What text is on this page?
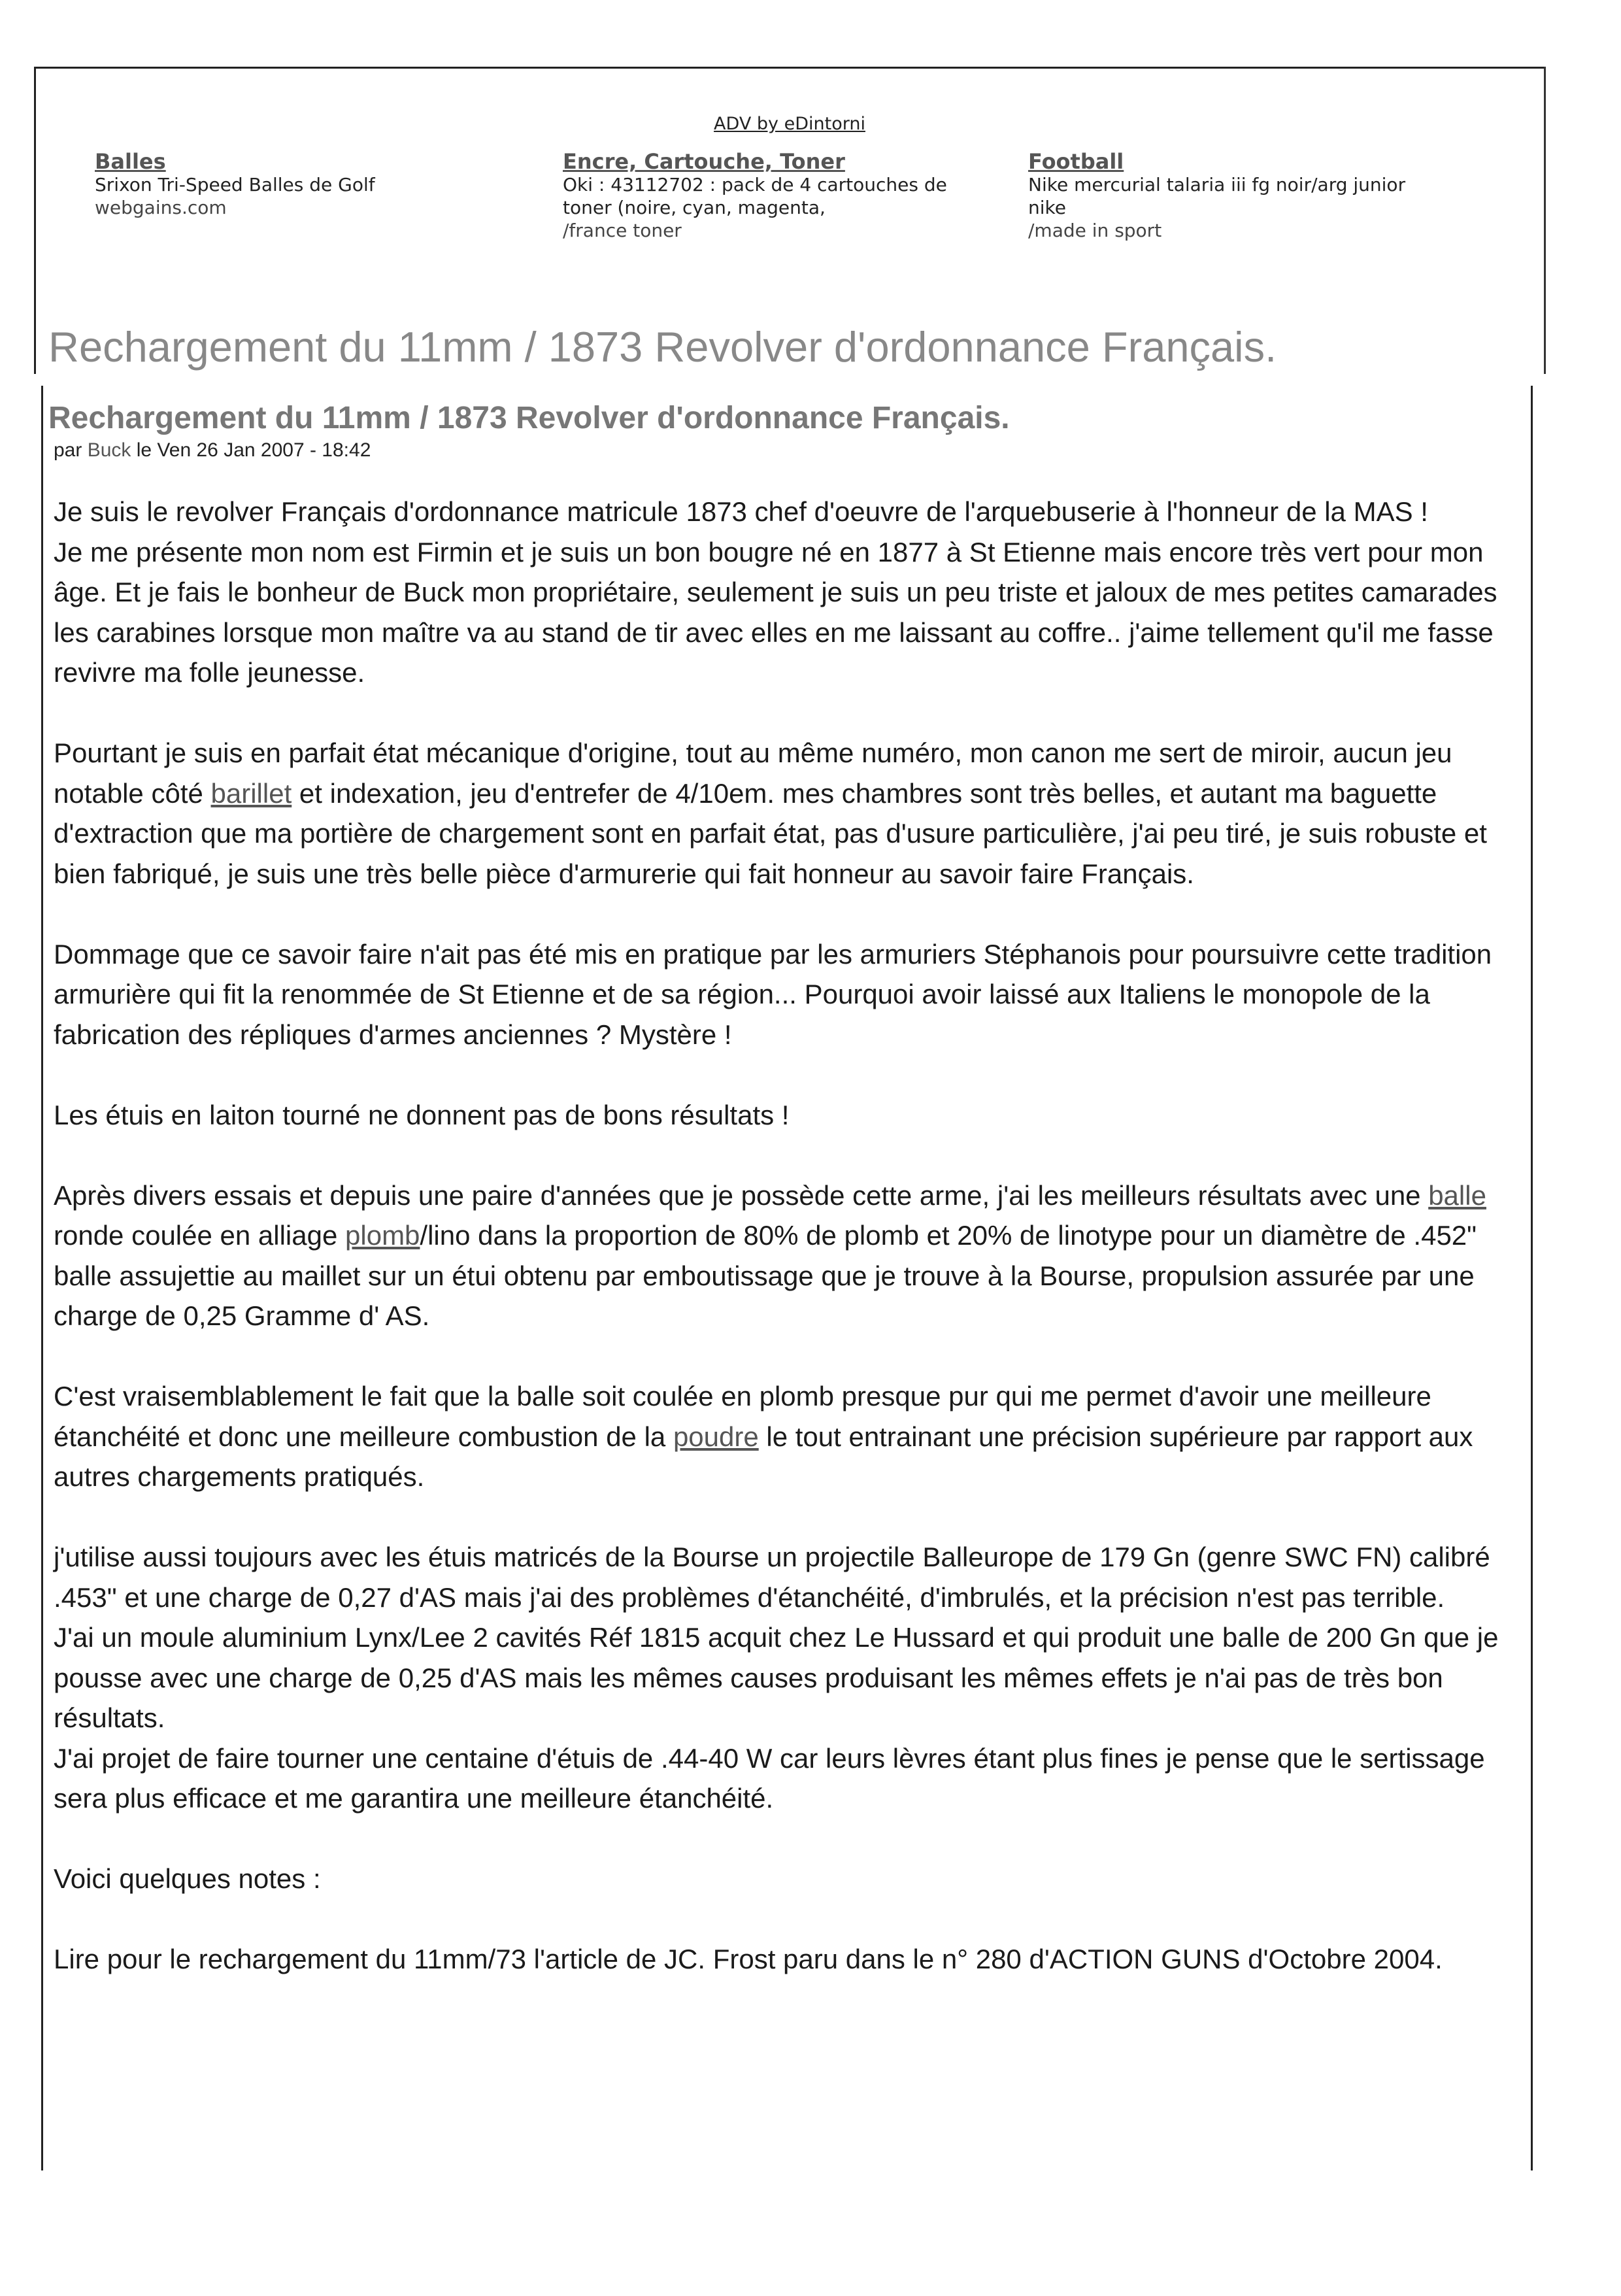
ADV by eDintorni
Balles
Srixon Tri-Speed Balles de Golf
webgains.com
Encre, Cartouche, Toner
Oki : 43112702 : pack de 4 cartouches de
toner (noire, cyan, magenta,
/france toner
Football
Nike mercurial talaria iii fg noir/arg junior
nike
/made in sport
Rechargement du 11mm / 1873 Revolver d'ordonnance Français.
Rechargement du 11mm / 1873 Revolver d'ordonnance Français.
par Buck le Ven 26 Jan 2007 - 18:42

Je suis le revolver Français d'ordonnance matricule 1873 chef d'oeuvre de l'arquebuserie à l'honneur de la MAS !

Je me présente mon nom est Firmin et je suis un bon bougre né en 1877 à St Etienne mais encore très vert pour mon âge. Et je fais le bonheur de Buck mon propriétaire, seulement je suis un peu triste et jaloux de mes petites camarades les carabines lorsque mon maître va au stand de tir avec elles en me laissant au coffre.. j'aime tellement qu'il me fasse revivre ma folle jeunesse.

Pourtant je suis en parfait état mécanique d'origine, tout au même numéro, mon canon me sert de miroir, aucun jeu notable côté barillet et indexation, jeu d'entrefer de 4/10em. mes chambres sont très belles, et autant ma baguette d'extraction que ma portière de chargement sont en parfait état, pas d'usure particulière, j'ai peu tiré, je suis robuste et bien fabriqué, je suis une très belle pièce d'armurerie qui fait honneur au savoir faire Français.

Dommage que ce savoir faire n'ait pas été mis en pratique par les armuriers Stéphanois pour poursuivre cette tradition armurière qui fit la renommée de St Etienne et de sa région... Pourquoi avoir laissé aux Italiens le monopole de la fabrication des répliques d'armes anciennes ? Mystère !

Les étuis en laiton tourné ne donnent pas de bons résultats !

Après divers essais et depuis une paire d'années que je possède cette arme, j'ai les meilleurs résultats avec une balle ronde coulée en alliage plomb/lino dans la proportion de 80% de plomb et 20% de linotype pour un diamètre de .452" balle assujettie au maillet sur un étui obtenu par emboutissage que je trouve à la Bourse, propulsion assurée par une charge de 0,25 Gramme d' AS.

C'est vraisemblablement le fait que la balle soit coulée en plomb presque pur qui me permet d'avoir une meilleure étanchéité et donc une meilleure combustion de la poudre le tout entrainant une précision supérieure par rapport aux autres chargements pratiqués.

j'utilise aussi toujours avec les étuis matricés de la Bourse un projectile Balleurope de 179 Gn (genre SWC FN) calibré .453" et une charge de 0,27 d'AS mais j'ai des problèmes d'étanchéité, d'imbrulés, et la précision n'est pas terrible.

J'ai un moule aluminium Lynx/Lee 2 cavités Réf 1815 acquit chez Le Hussard et qui produit une balle de 200 Gn que je pousse avec une charge de 0,25 d'AS mais les mêmes causes produisant les mêmes effets je n'ai pas de très bon résultats.

J'ai projet de faire tourner une centaine d'étuis de .44-40 W car leurs lèvres étant plus fines je pense que le sertissage sera plus efficace et me garantira une meilleure étanchéité.

Voici quelques notes :

Lire pour le rechargement du 11mm/73 l'article de JC. Frost paru dans le n° 280 d'ACTION GUNS d'Octobre 2004.
